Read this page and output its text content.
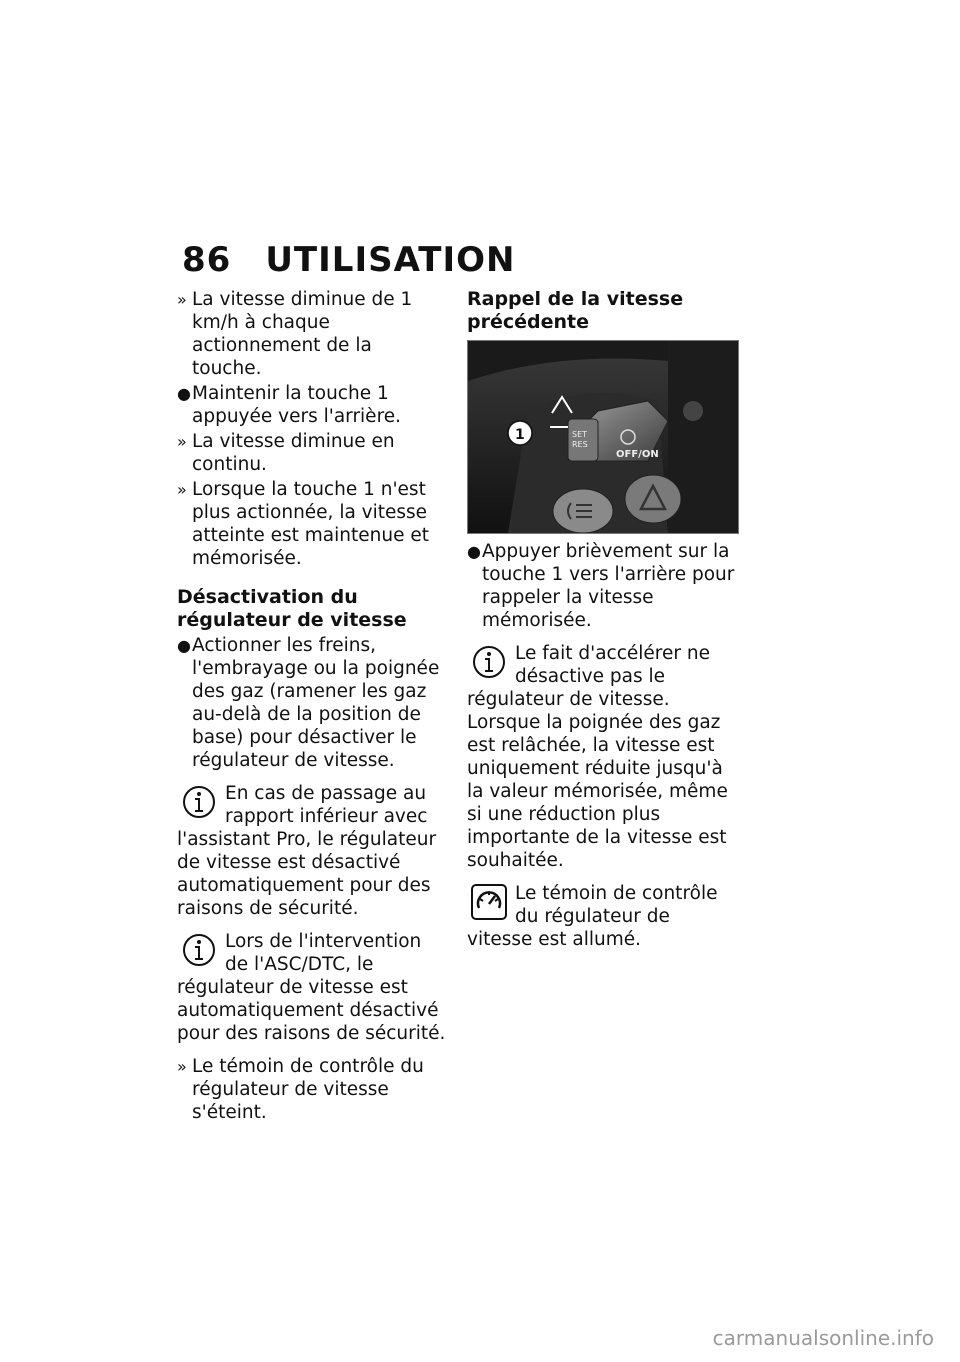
86 UTILISATION
» La vitesse diminue de 1 km/h à chaque actionnement de la touche.
● Maintenir la touche 1 appuyée vers l'arrière.
» La vitesse diminue en continu.
» Lorsque la touche 1 n'est plus actionnée, la vitesse atteinte est maintenue et mémorisée.
Désactivation du régulateur de vitesse
● Actionner les freins, l'embrayage ou la poignée des gaz (ramener les gaz au-delà de la position de base) pour désactiver le régulateur de vitesse.

En cas de passage au rapport inférieur avec l'assistant Pro, le régulateur de vitesse est désactivé automatiquement pour des raisons de sécurité.

Lors de l'intervention de l'ASC/DTC, le régulateur de vitesse est automatiquement désactivé pour des raisons de sécurité.

» Le témoin de contrôle du régulateur de vitesse s'éteint.
Rappel de la vitesse précédente
SET
RES
OFF/ON
1
● Appuyer brièvement sur la touche 1 vers l'arrière pour rappeler la vitesse mémorisée.

Le fait d'accélérer ne désactive pas le régulateur de vitesse. Lorsque la poignée des gaz est relâchée, la vitesse est uniquement réduite jusqu'à la valeur mémorisée, même si une réduction plus importante de la vitesse est souhaitée.

Le témoin de contrôle du régulateur de vitesse est allumé.

carmanualsonline.info
